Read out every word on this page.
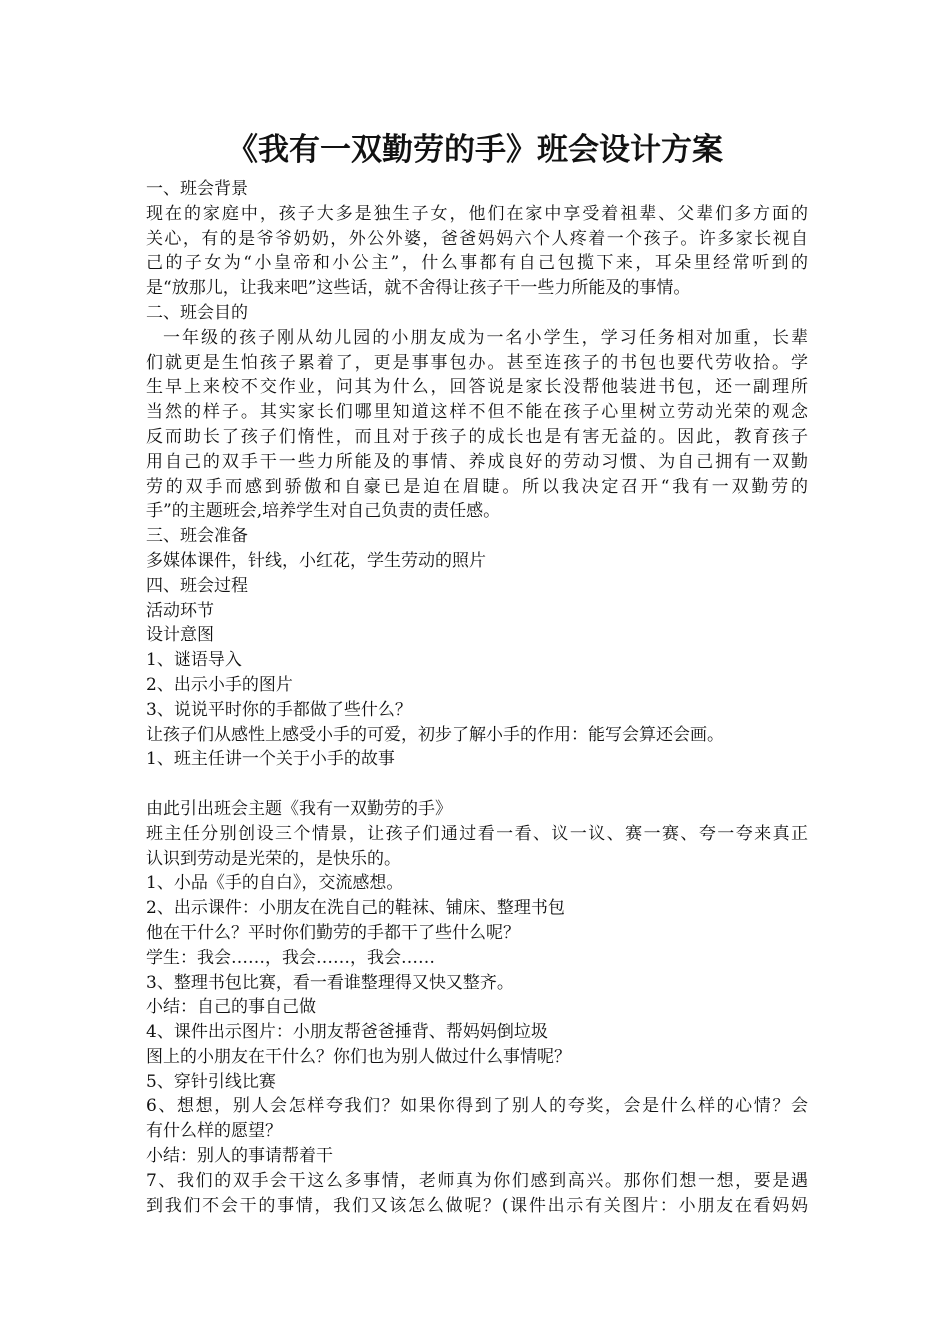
《我有一双勤劳的手》班会设计方案
一、班会背景
现在的家庭中，孩子大多是独生子女，他们在家中享受着祖辈、父辈们多方面的
关心，有的是爷爷奶奶，外公外婆，爸爸妈妈六个人疼着一个孩子。许多家长视自
己的子女为“小皇帝和小公主”，什么事都有自己包揽下来，耳朵里经常听到的
是“放那儿，让我来吧”这些话，就不舍得让孩子干一些力所能及的事情。
二、班会目的
一年级的孩子刚从幼儿园的小朋友成为一名小学生，学习任务相对加重，长辈
们就更是生怕孩子累着了，更是事事包办。甚至连孩子的书包也要代劳收拾。学
生早上来校不交作业，问其为什么，回答说是家长没帮他装进书包，还一副理所
当然的样子。其实家长们哪里知道这样不但不能在孩子心里树立劳动光荣的观念
反而助长了孩子们惰性，而且对于孩子的成长也是有害无益的。因此，教育孩子
用自己的双手干一些力所能及的事情、养成良好的劳动习惯、为自己拥有一双勤
劳的双手而感到骄傲和自豪已是迫在眉睫。所以我决定召开“我有一双勤劳的
手”的主题班会,培养学生对自己负责的责任感。
三、班会准备
多媒体课件，针线，小红花，学生劳动的照片
四、班会过程
活动环节
设计意图
1、谜语导入
2、出示小手的图片
3、说说平时你的手都做了些什么？
让孩子们从感性上感受小手的可爱，初步了解小手的作用：能写会算还会画。
1、班主任讲一个关于小手的故事
由此引出班会主题《我有一双勤劳的手》
班主任分别创设三个情景，让孩子们通过看一看、议一议、赛一赛、夸一夸来真正
认识到劳动是光荣的，是快乐的。
1、小品《手的自白》，交流感想。
2、出示课件：小朋友在洗自己的鞋袜、铺床、整理书包
他在干什么？平时你们勤劳的手都干了些什么呢？
学生：我会……，我会……，我会……
3、整理书包比赛，看一看谁整理得又快又整齐。
小结：自己的事自己做
4、课件出示图片：小朋友帮爸爸捶背、帮妈妈倒垃圾
图上的小朋友在干什么？你们也为别人做过什么事情呢？
5、穿针引线比赛
6、想想，别人会怎样夸我们？如果你得到了别人的夸奖，会是什么样的心情？会
有什么样的愿望？
小结：别人的事请帮着干
7、我们的双手会干这么多事情，老师真为你们感到高兴。那你们想一想，要是遇
到我们不会干的事情，我们又该怎么做呢？(课件出示有关图片：小朋友在看妈妈
